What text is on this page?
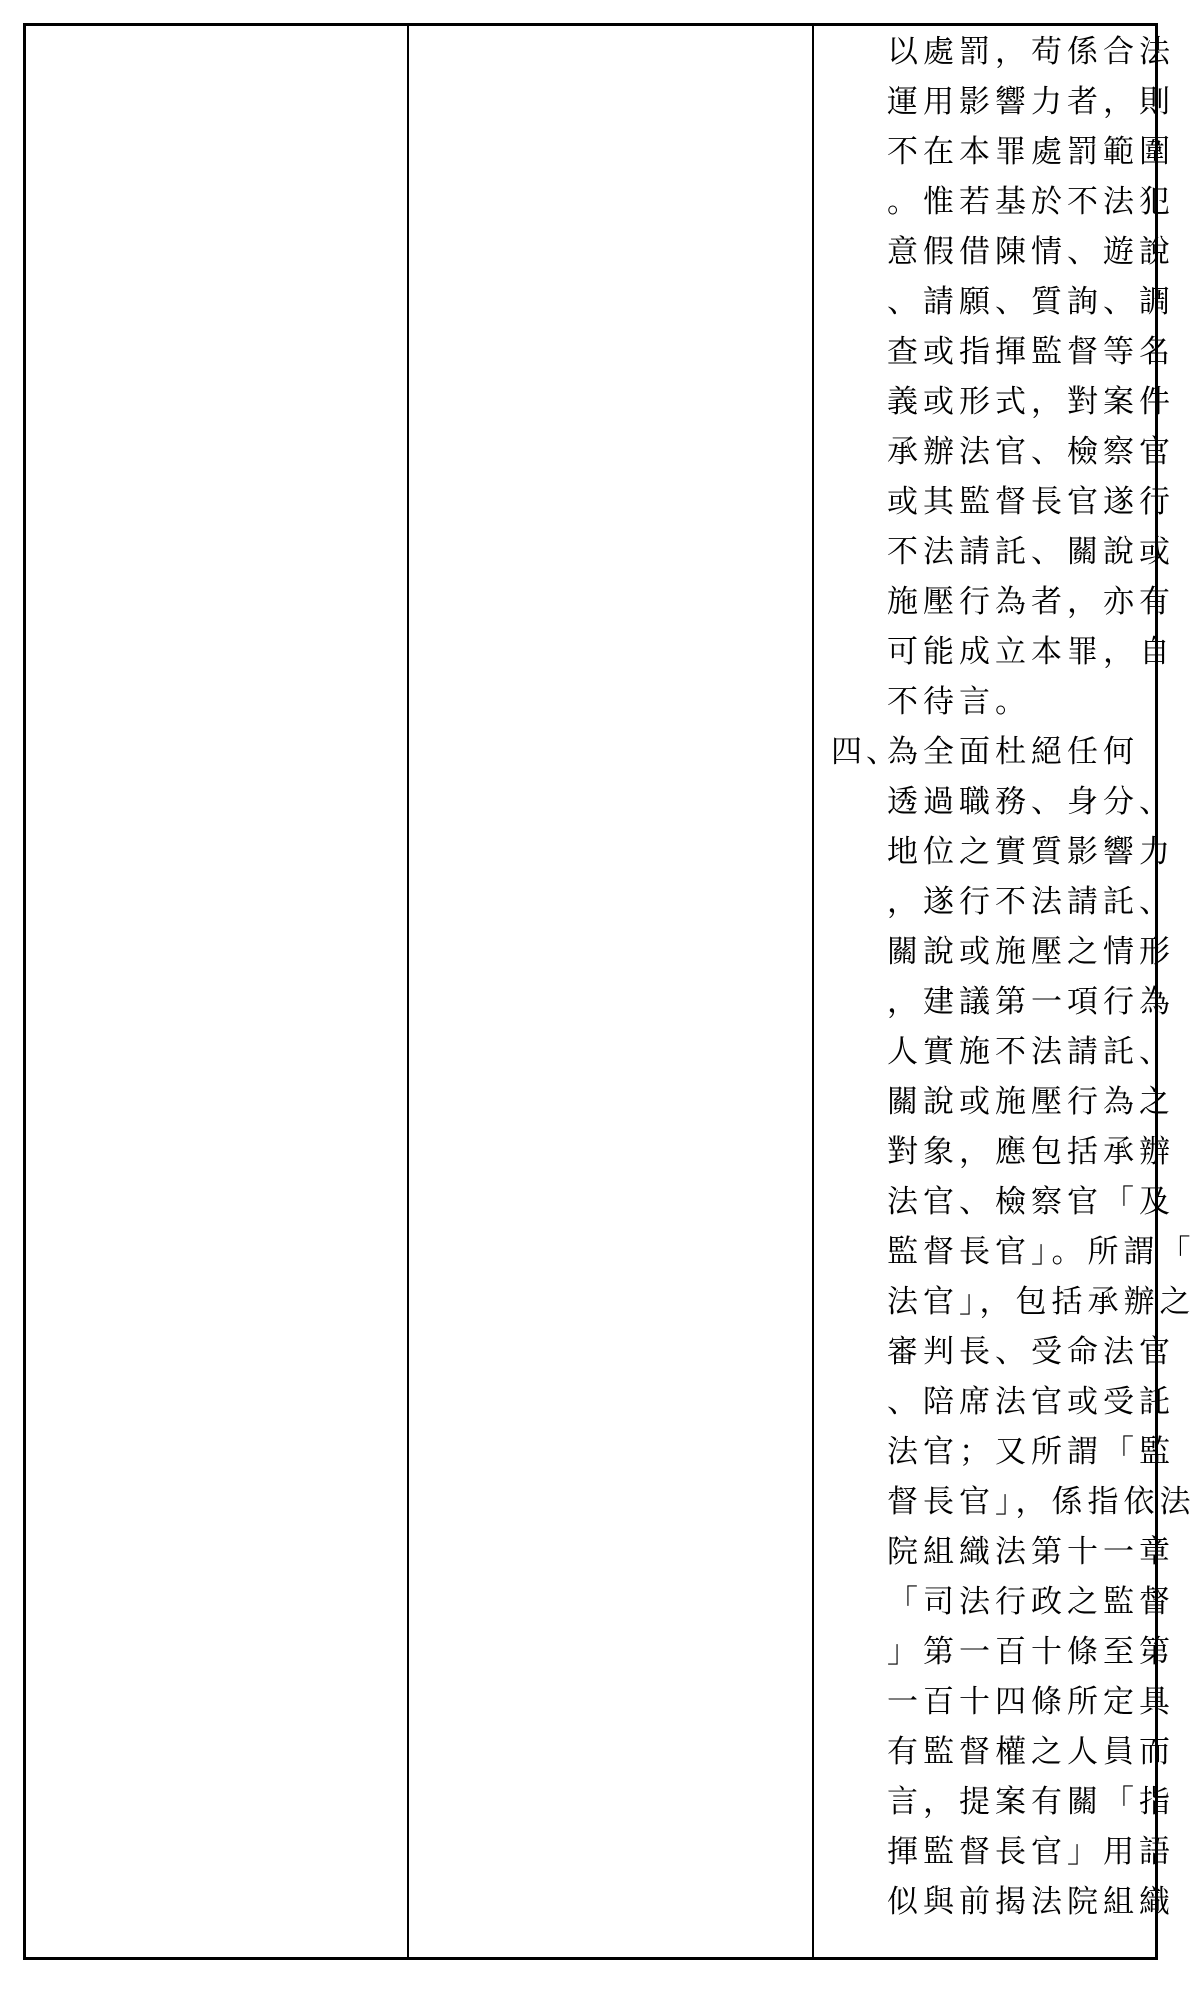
以處罰，苟係合法
運用影響力者，則
不在本罪處罰範圍
。惟若基於不法犯
意假借陳情、遊說
、請願、質詢、調
查或指揮監督等名
義或形式，對案件
承辦法官、檢察官
或其監督長官遂行
不法請託、關說或
施壓行為者，亦有
可能成立本罪，自
不待言。
四、
為全面杜絕任何
透過職務、身分、
地位之實質影響力
，遂行不法請託、
關說或施壓之情形
，建議第一項行為
人實施不法請託、
關說或施壓行為之
對象，應包括承辦
法官、檢察官「及
監督長官」。所謂「
法官」，包括承辦之
審判長、受命法官
、陪席法官或受託
法官；又所謂「監
督長官」，係指依法
院組織法第十一章
「司法行政之監督
」第一百十條至第
一百十四條所定具
有監督權之人員而
言，提案有關「指
揮監督長官」用語
似與前揭法院組織
